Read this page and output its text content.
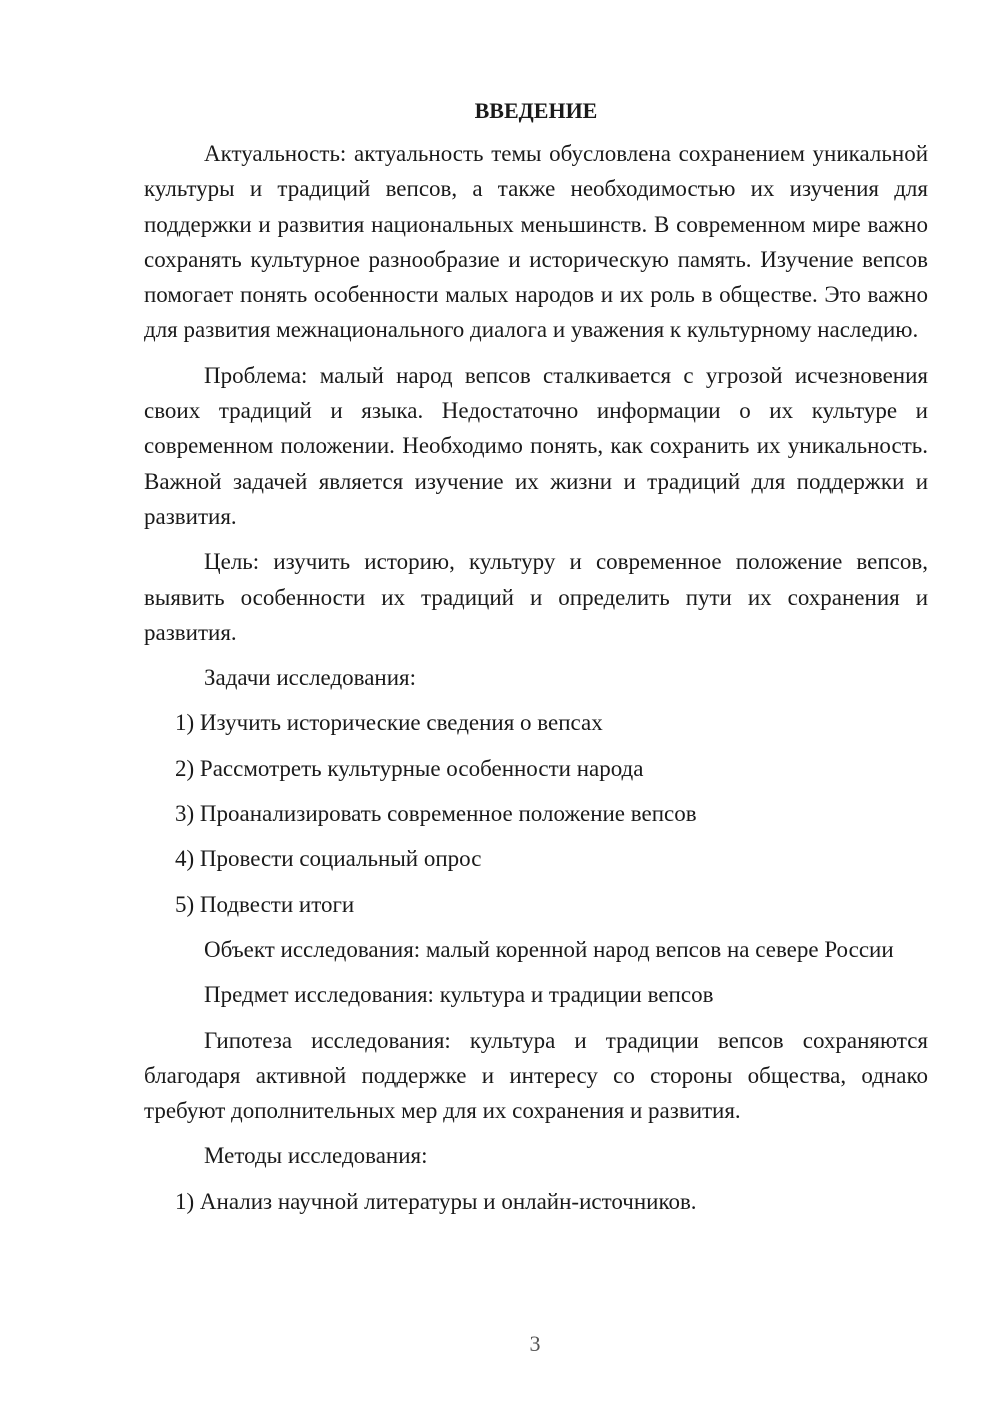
ВВЕДЕНИЕ

Актуальность: актуальность темы обусловлена сохранением уникальной культуры и традиций вепсов, а также необходимостью их изучения для поддержки и развития национальных меньшинств. В современном мире важно сохранять культурное разнообразие и историческую память. Изучение вепсов помогает понять особенности малых народов и их роль в обществе. Это важно для развития межнационального диалога и уважения к культурному наследию.

Проблема: малый народ вепсов сталкивается с угрозой исчезновения своих традиций и языка. Недостаточно информации о их культуре и современном положении. Необходимо понять, как сохранить их уникальность. Важной задачей является изучение их жизни и традиций для поддержки и развития.

Цель: изучить историю, культуру и современное положение вепсов, выявить особенности их традиций и определить пути их сохранения и развития.

Задачи исследования:

1) Изучить исторические сведения о вепсах
2) Рассмотреть культурные особенности народа
3) Проанализировать современное положение вепсов
4) Провести социальный опрос
5) Подвести итоги

Объект исследования: малый коренной народ вепсов на севере России

Предмет исследования: культура и традиции вепсов

Гипотеза исследования: культура и традиции вепсов сохраняются благодаря активной поддержке и интересу со стороны общества, однако требуют дополнительных мер для их сохранения и развития.

Методы исследования:

1) Анализ научной литературы и онлайн-источников.
3
